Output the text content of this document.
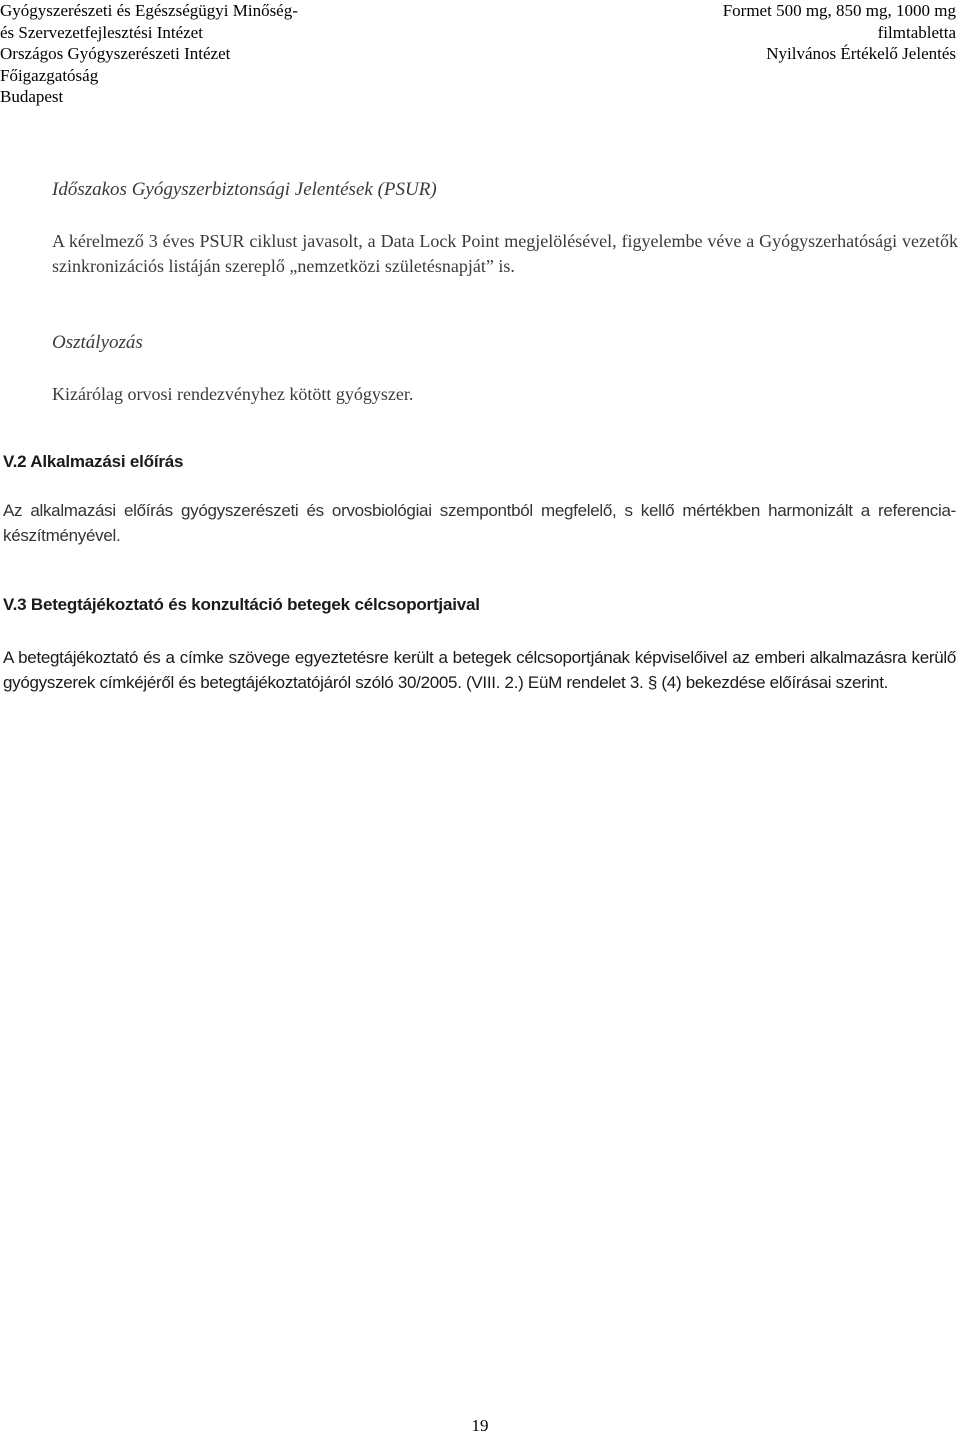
Gyógyszerészeti és Egészségügyi Minőség-
és Szervezetfejlesztési Intézet
Országos Gyógyszerészeti Intézet
Főigazgatóság
Budapest
Formet 500 mg, 850 mg, 1000 mg
filmtabletta
Nyilvános Értékelő Jelentés
Időszakos Gyógyszerbiztonsági Jelentések (PSUR)
A kérelmező 3 éves PSUR ciklust javasolt, a Data Lock Point megjelölésével, figyelembe véve a Gyógyszerhatósági vezetők szinkronizációs listáján szereplő „nemzetközi születésnapját” is.
Osztályozás
Kizárólag orvosi rendezvényhez kötött gyógyszer.
V.2 Alkalmazási előírás
Az alkalmazási előírás gyógyszerészeti és orvosbiológiai szempontból megfelelő, s kellő mértékben harmonizált a referencia-készítményével.
V.3 Betegtájékoztató és konzultáció betegek célcsoportjaival
A betegtájékoztató és a címke szövege egyeztetésre került a betegek célcsoportjának képviselőivel az emberi alkalmazásra kerülő gyógyszerek címkéjéről és betegtájékoztatójáról szóló 30/2005. (VIII. 2.) EüM rendelet 3. § (4) bekezdése előírásai szerint.
19
